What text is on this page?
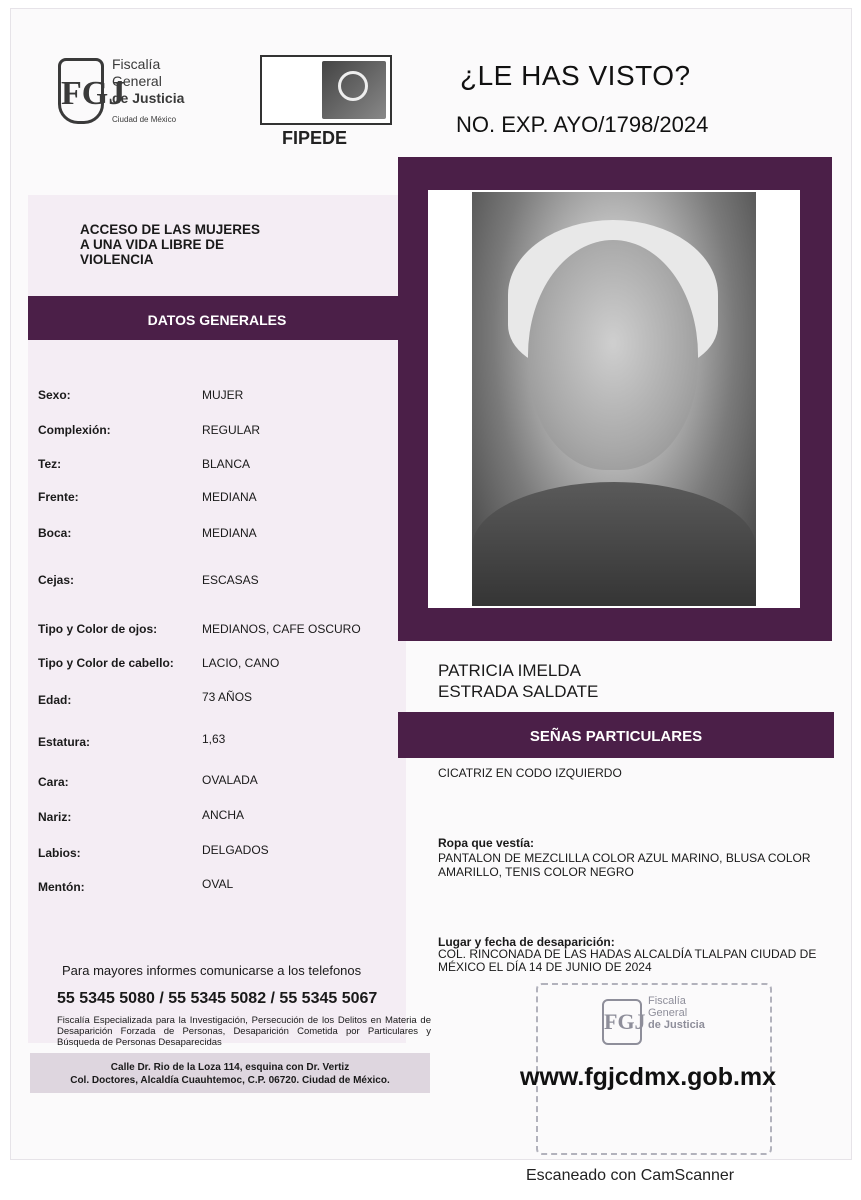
FGJ
Fiscalía
General
de Justicia
Ciudad de México
FIPEDE
¿LE HAS VISTO?
NO. EXP. AYO/1798/2024
ACCESO DE LAS MUJERES
A UNA VIDA LIBRE DE
VIOLENCIA
DATOS GENERALES
Sexo:	MUJER
Complexión:	REGULAR
Tez:	BLANCA
Frente:	MEDIANA
Boca:	MEDIANA
Cejas:	ESCASAS
Tipo y Color de ojos:	MEDIANOS, CAFE OSCURO
Tipo y Color de cabello: LACIO, CANO
Edad:	73 AÑOS
Estatura:	1,63
Cara:	OVALADA
Nariz:	ANCHA
Labios:	DELGADOS
Mentón:	OVAL
Para mayores informes comunicarse a los telefonos
55 5345 5080 / 55 5345 5082 / 55 5345 5067
Fiscalía Especializada para la Investigación, Persecución de los Delitos en Materia de Desaparición Forzada de Personas, Desaparición Cometida por Particulares y Búsqueda de Personas Desaparecidas
Calle Dr. Rio de la Loza 114, esquina con Dr. Vertiz
Col. Doctores, Alcaldía Cuauhtemoc, C.P. 06720. Ciudad de México.
PATRICIA IMELDA
ESTRADA SALDATE
SEÑAS PARTICULARES
CICATRIZ EN CODO IZQUIERDO
Ropa que vestía:
PANTALON DE MEZCLILLA COLOR AZUL MARINO, BLUSA COLOR AMARILLO, TENIS COLOR NEGRO
Lugar y fecha de desaparición:
COL. RINCONADA DE LAS HADAS ALCALDÍA TLALPAN CIUDAD DE MÉXICO EL DÍA 14 DE JUNIO DE 2024
FGJ
Fiscalía
General
de Justicia
www.fgjcdmx.gob.mx
Escaneado con CamScanner
